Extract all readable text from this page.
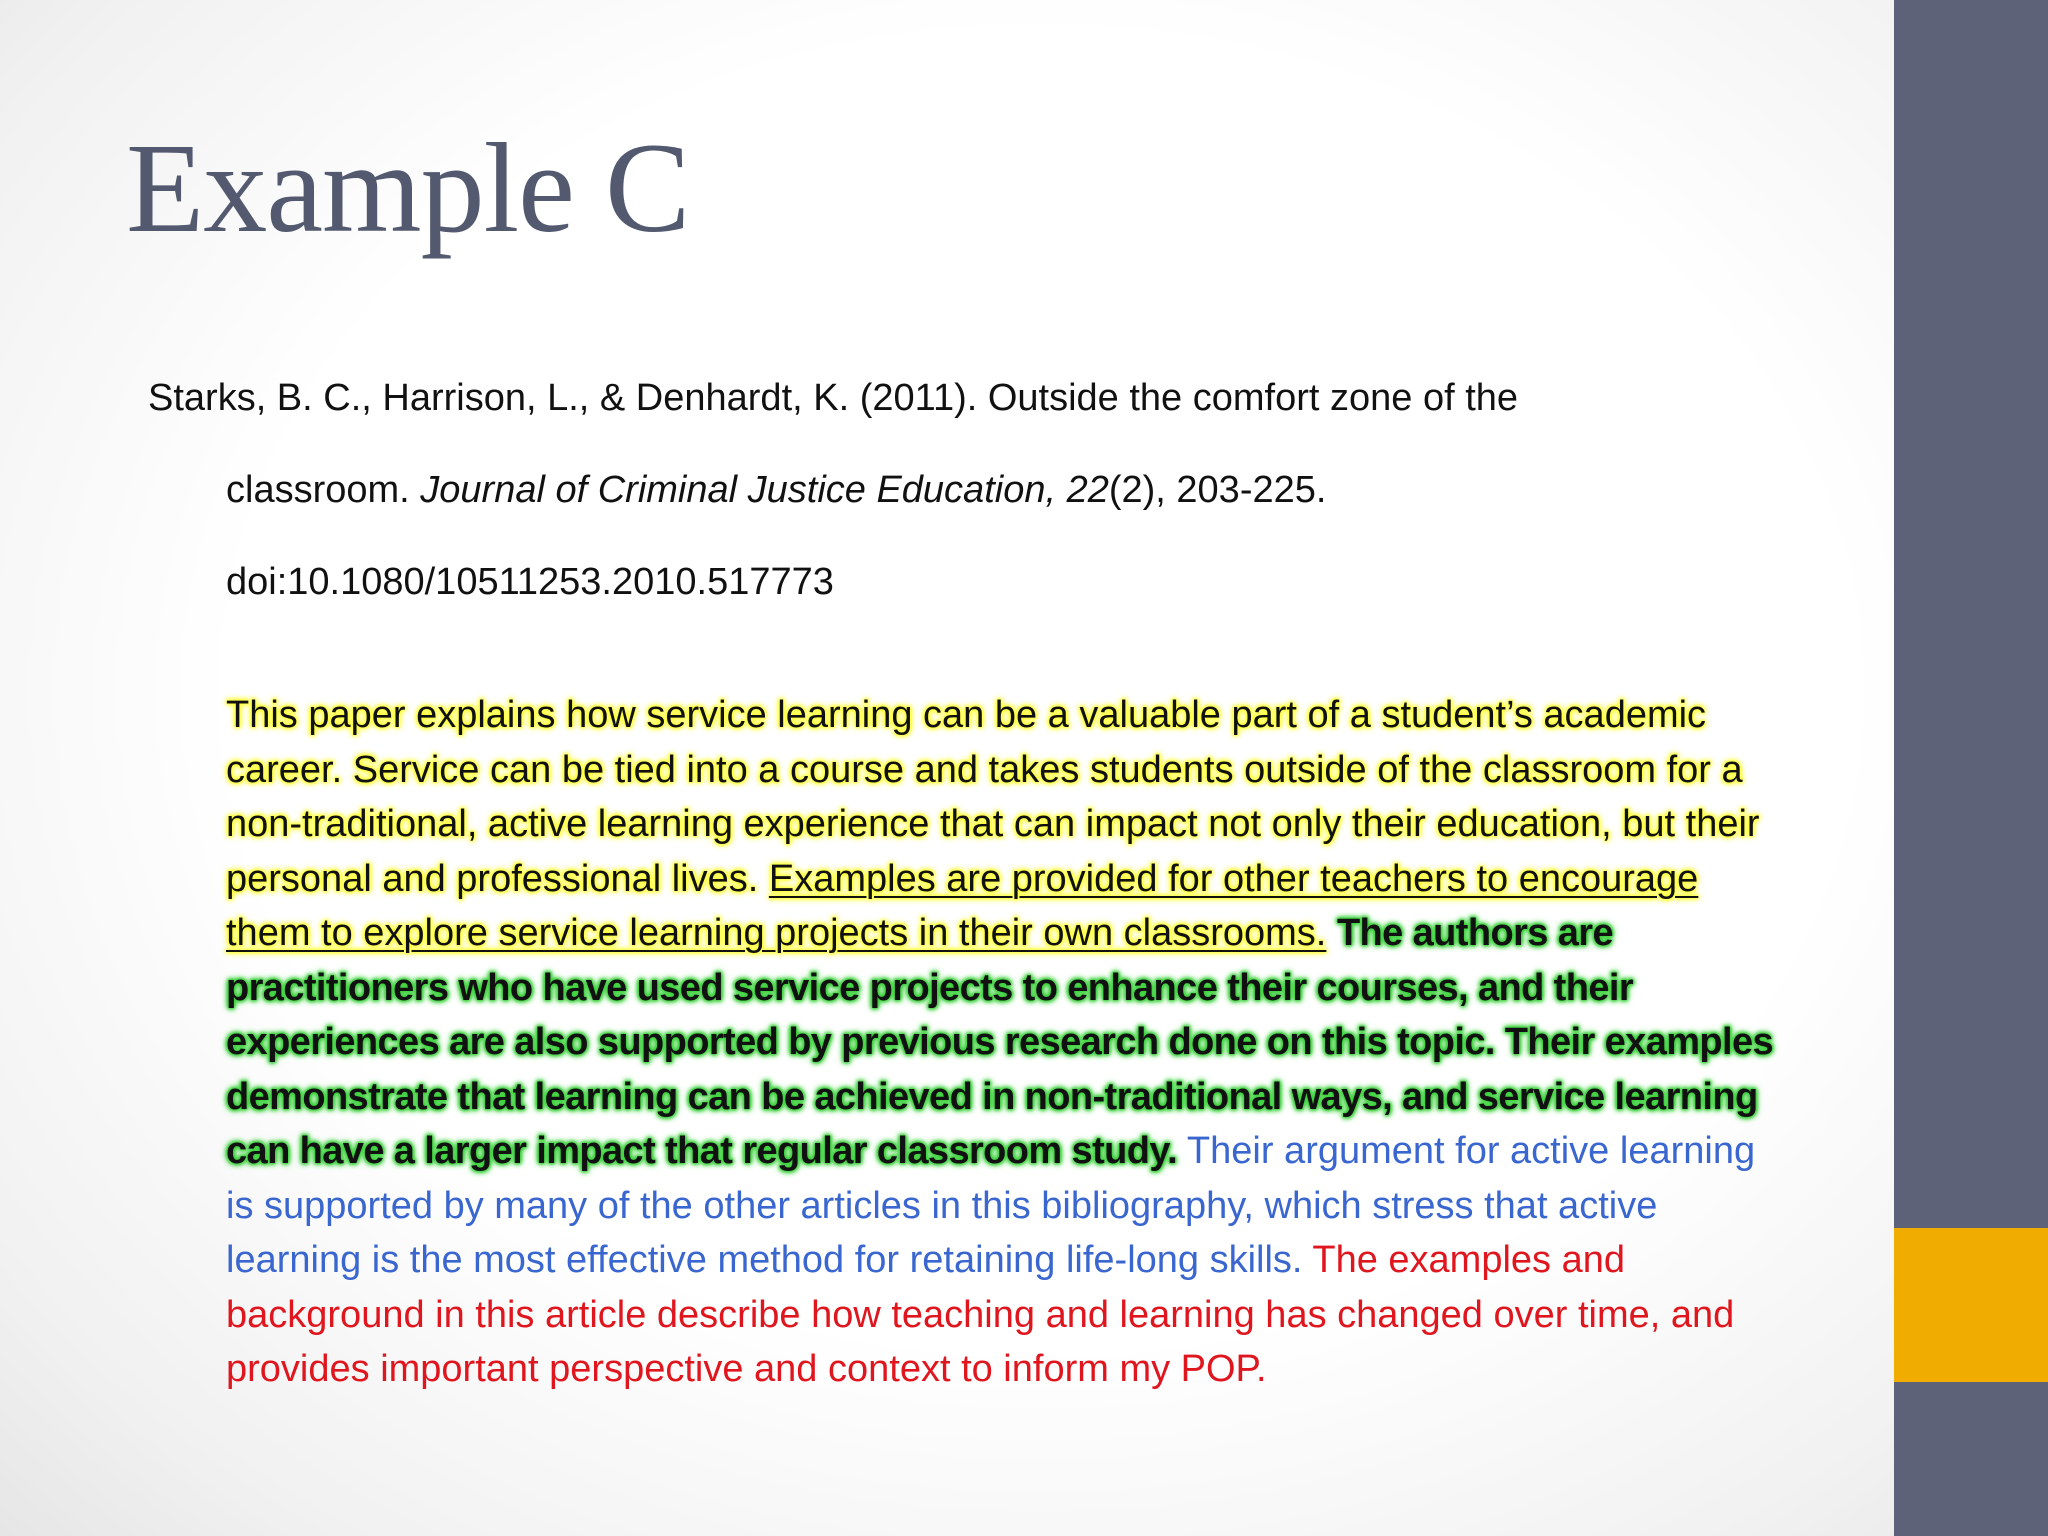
Example C
Starks, B. C., Harrison, L., & Denhardt, K. (2011). Outside the comfort zone of the
classroom. Journal of Criminal Justice Education, 22(2), 203-225.
doi:10.1080/10511253.2010.517773
This paper explains how service learning can be a valuable part of a student’s academic career. Service can be tied into a course and takes students outside of the classroom for a non-traditional, active learning experience that can impact not only their education, but their personal and professional lives. Examples are provided for other teachers to encourage them to explore service learning projects in their own classrooms. The authors are practitioners who have used service projects to enhance their courses, and their experiences are also supported by previous research done on this topic. Their examples demonstrate that learning can be achieved in non-traditional ways, and service learning can have a larger impact that regular classroom study. Their argument for active learning is supported by many of the other articles in this bibliography, which stress that active learning is the most effective method for retaining life-long skills. The examples and background in this article describe how teaching and learning has changed over time, and provides important perspective and context to inform my POP.
